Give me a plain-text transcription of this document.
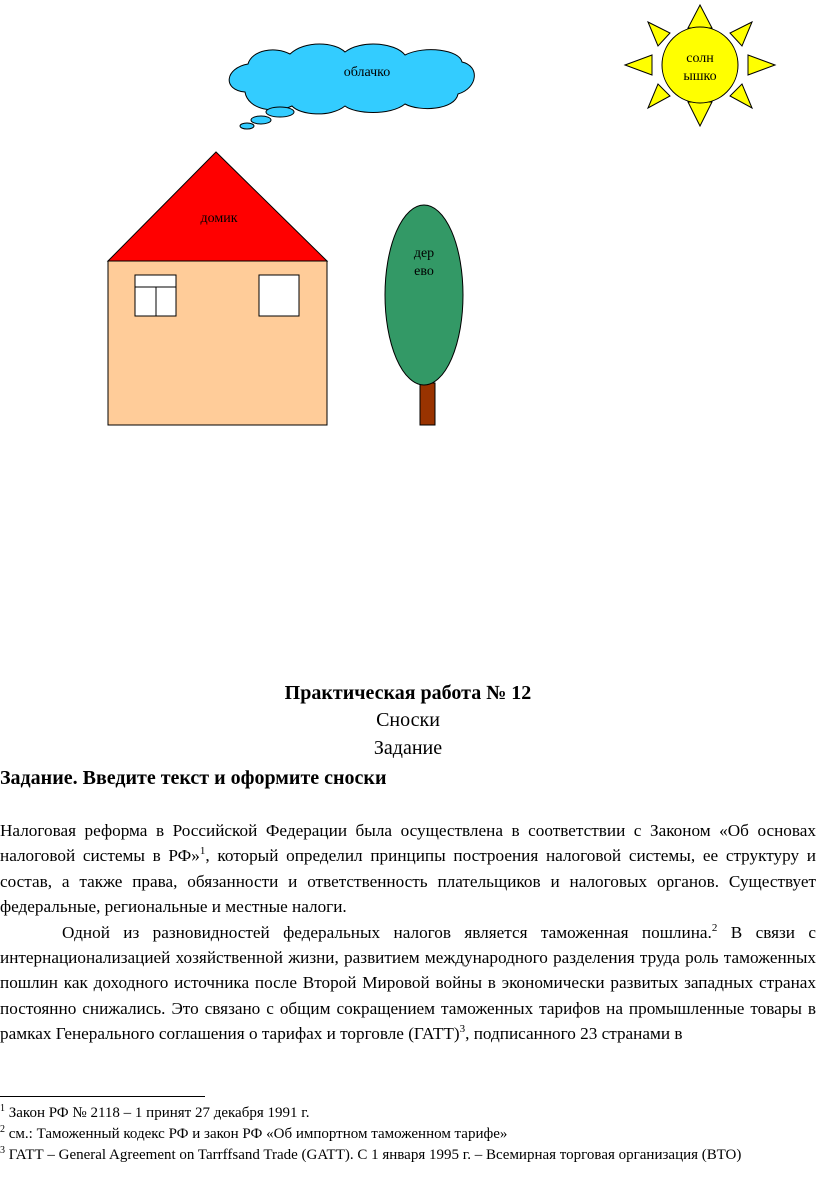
солн
ышко
облачко
домик
дер
ево
Практическая работа № 12
Сноски
Задание
Задание. Введите текст и оформите сноски

Налоговая реформа в Российской Федерации была осуществлена в соответствии с Законом «Об основах налоговой системы в РФ»$^1$, который определил принципы построения налоговой системы, ее структуру и состав, а также права, обязанности и ответственность плательщиков и налоговых органов. Существует федеральные, региональные и местные налоги.

Одной из разновидностей федеральных налогов является таможенная пошлина.$^2$ В связи с интернационализацией хозяйственной жизни, развитием международного разделения труда роль таможенных пошлин как доходного источника после Второй Мировой войны в экономически развитых западных странах постоянно снижались. Это связано с общим сокращением таможенных тарифов на промышленные товары в рамках Генерального соглашения о тарифах и торговле (ГАТТ)$^3$, подписанного 23 странами в

$^1$ Закон РФ № 2118 – 1 принят 27 декабря 1991 г.
$^2$ см.: Таможенный кодекс РФ и закон РФ «Об импортном таможенном тарифе»
$^3$ ГАТТ – General Agreement on Tarrffsand Trade (GATT). С 1 января 1995 г. – Всемирная торговая организация (ВТО)
